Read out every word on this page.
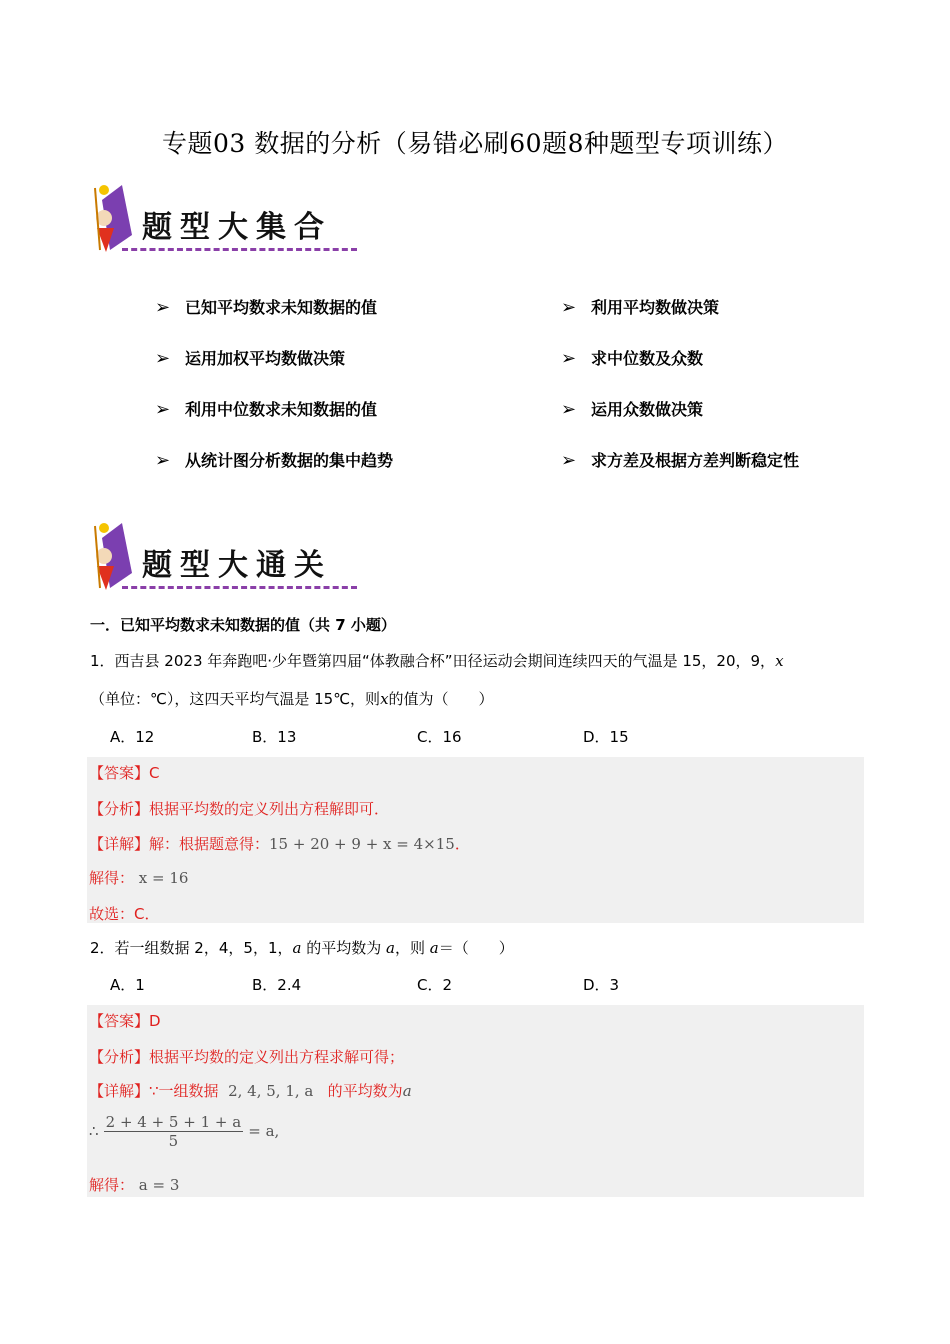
专题03 数据的分析（易错必刷60题8种题型专项训练）
题型大集合
➢ 已知平均数求未知数据的值
➢ 运用加权平均数做决策
➢ 利用中位数求未知数据的值
➢ 从统计图分析数据的集中趋势
➢ 利用平均数做决策
➢ 求中位数及众数
➢ 运用众数做决策
➢ 求方差及根据方差判断稳定性
题型大通关
一．已知平均数求未知数据的值（共 7 小题）
1．西吉县 2023 年奔跑吧·少年暨第四届“体教融合杯”田径运动会期间连续四天的气温是 15，20，9，x
（单位：℃），这四天平均气温是 15℃，则x的值为（　　）
A．12	B．13	C．16	D．15
【答案】C
【分析】根据平均数的定义列出方程解即可．
【详解】解：根据题意得：15 + 20 + 9 + x = 4×15．
解得： x = 16
故选：C．
2．若一组数据 2，4，5，1，a 的平均数为 a，则 a＝（　　）
A．1	B．2.4	C．2	D．3
【答案】D
【分析】根据平均数的定义列出方程求解可得；
【详解】∵一组数据 2, 4, 5, 1, a 的平均数为a
∴ $\frac{2 + 4 + 5 + 1 + a}{5} = a$,
解得： a = 3
